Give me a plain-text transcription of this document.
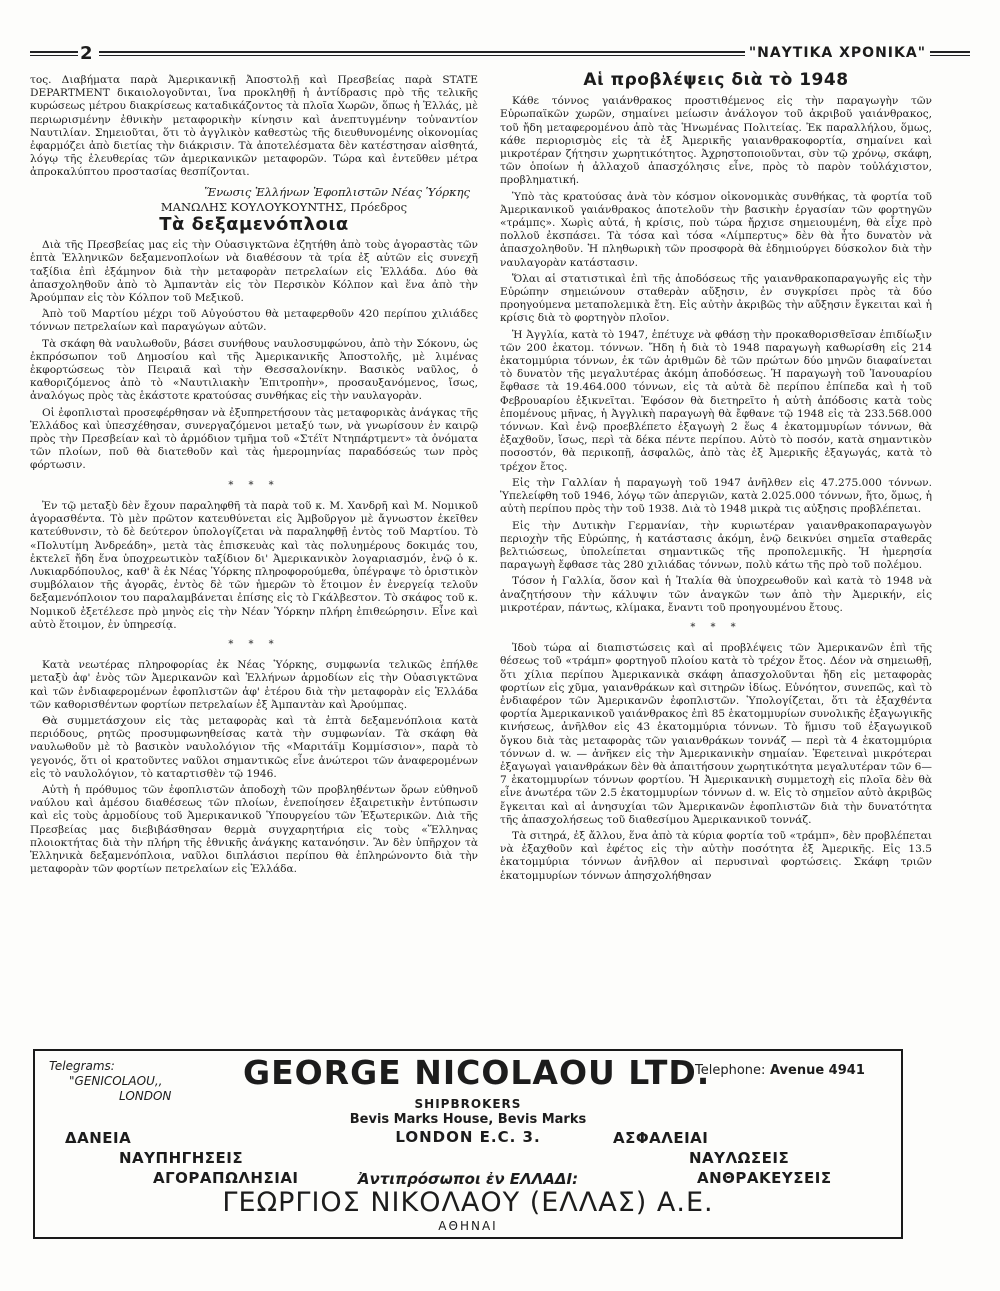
2	"ΝΑΥΤΙΚΑ ΧΡΟΝΙΚΑ"

τος. Διαβήματα παρὰ Ἀμερικανικῇ Ἀποστολῇ καὶ Πρεσβείας παρὰ STATE DEPARTMENT δικαιολογοῦνται, ἵνα προκληθῇ ἡ ἀντίδρασις πρὸ τῆς τελικῆς κυρώσεως μέτρου διακρίσεως καταδικάζοντος τὰ πλοῖα Χωρῶν, ὅπως ἡ Ἑλλάς, μὲ περιωρισμένην ἐθνικὴν μεταφορικὴν κίνησιν καὶ ἀνεπτυγμένην τοὐναντίον Ναυτιλίαν. Σημειοῦται, ὅτι τὸ ἀγγλικὸν καθεστὼς τῆς διευθυνομένης οἰκονομίας ἐφαρμόζει ἀπὸ διετίας τὴν διάκρισιν. Τὰ ἀποτελέσματα δὲν κατέστησαν αἰσθητά, λόγῳ τῆς ἐλευθερίας τῶν ἀμερικανικῶν μεταφορῶν. Τώρα καὶ ἐντεῦθεν μέτρα ἀπροκαλύπτου προστασίας θεσπίζονται.

Ἕνωσις Ἑλλήνων Ἐφοπλιστῶν Νέας Ὑόρκης
ΜΑΝΩΛΗΣ ΚΟΥΛΟΥΚΟΥΝΤΗΣ, Πρόεδρος
Τὰ δεξαμενόπλοια

Διὰ τῆς Πρεσβείας μας εἰς τὴν Οὐασιγκτῶνα ἐζητήθη ἀπὸ τοὺς ἀγοραστὰς τῶν ἑπτὰ Ἑλληνικῶν δεξαμενοπλοίων νὰ διαθέσουν τὰ τρία ἐξ αὐτῶν εἰς συνεχῆ ταξίδια ἐπὶ ἑξάμηνον διὰ τὴν μεταφορὰν πετρελαίων εἰς Ἑλλάδα. Δύο θὰ ἀπασχοληθοῦν ἀπὸ τὸ Ἀμπαντὰν εἰς τὸν Περσικὸν Κόλπον καὶ ἕνα ἀπὸ τὴν Ἀρούμπαν εἰς τὸν Κόλπον τοῦ Μεξικοῦ.

Ἀπὸ τοῦ Μαρτίου μέχρι τοῦ Αὐγούστου θὰ μεταφερθοῦν 420 περίπου χιλιάδες τόννων πετρελαίων καὶ παραγώγων αὐτῶν.

Τὰ σκάφη θὰ ναυλωθοῦν, βάσει συνήθους ναυλοσυμφώνου, ἀπὸ τὴν Σόκονυ, ὡς ἐκπρόσωπον τοῦ Δημοσίου καὶ τῆς Ἀμερικανικῆς Ἀποστολῆς, μὲ λιμένας ἐκφορτώσεως τὸν Πειραιᾶ καὶ τὴν Θεσσαλονίκην. Βασικὸς ναῦλος, ὁ καθοριζόμενος ἀπὸ τὸ «Ναυτιλιακὴν Ἐπιτροπὴν», προσαυξανόμενος, ἴσως, ἀναλόγως πρὸς τὰς ἑκάστοτε κρατούσας συνθήκας εἰς τὴν ναυλαγορὰν.

Οἱ ἐφοπλισταὶ προσεφέρθησαν νὰ ἐξυπηρετήσουν τὰς μεταφορικὰς ἀνάγκας τῆς Ἑλλάδος καὶ ὑπεσχέθησαν, συνεργαζόμενοι μεταξύ των, νὰ γνωρίσουν ἐν καιρῷ πρὸς τὴν Πρεσβείαν καὶ τὸ ἁρμόδιον τμῆμα τοῦ «Στέϊτ Ντηπάρτμεντ» τὰ ὀνόματα τῶν πλοίων, ποῦ θὰ διατεθοῦν καὶ τὰς ἡμερομηνίας παραδόσεώς των πρὸς φόρτωσιν.

* * *

Ἐν τῷ μεταξὺ δὲν ἔχουν παραληφθῆ τὰ παρὰ τοῦ κ. Μ. Χανδρῆ καὶ Μ. Νομικοῦ ἀγορασθέντα. Τὸ μὲν πρῶτον κατευθύνεται εἰς Ἀμβοῦργον μὲ ἄγνωστον ἐκεῖθεν κατεύθυνσιν, τὸ δὲ δεύτερον ὑπολογίζεται νὰ παραληφθῇ ἐντὸς τοῦ Μαρτίου. Τὸ «Πολυτίμη Ἀνδρεάδη», μετὰ τὰς ἐπισκευὰς καὶ τὰς πολυημέρους δοκιμάς του, ἐκτελεῖ ἤδη ἕνα ὑποχρεωτικὸν ταξίδιον δι' Ἀμερικανικὸν λογαριασμόν, ἐνῷ ὁ κ. Λυκιαρδόπουλος, καθ' ἃ ἐκ Νέας Ὑόρκης πληροφορούμεθα, ὑπέγραψε τὸ ὁριστικὸν συμβόλαιον τῆς ἀγορᾶς, ἐντὸς δὲ τῶν ἡμερῶν τὸ ἕτοιμον ἐν ἐνεργείᾳ τελοῦν δεξαμενόπλοιον του παραλαμβάνεται ἐπίσης εἰς τὸ Γκάλβεστον. Τὸ σκάφος τοῦ κ. Νομικοῦ ἐξετέλεσε πρὸ μηνὸς εἰς τὴν Νέαν Ὑόρκην πλήρη ἐπιθεώρησιν. Εἶνε καὶ αὐτὸ ἕτοιμον, ἐν ὑπηρεσίᾳ.

* * *

Κατὰ νεωτέρας πληροφορίας ἐκ Νέας Ὑόρκης, συμφωνία τελικῶς ἐπήλθε μεταξὺ ἀφ' ἑνὸς τῶν Ἀμερικανῶν καὶ Ἑλλήνων ἁρμοδίων εἰς τὴν Οὐασιγκτῶνα καὶ τῶν ἐνδιαφερομένων ἐφοπλιστῶν ἀφ' ἑτέρου διὰ τὴν μεταφορὰν εἰς Ἑλλάδα τῶν καθορισθέντων φορτίων πετρελαίων ἐξ Ἀμπαντὰν καὶ Ἀρούμπας.

Θὰ συμμετάσχουν εἰς τὰς μεταφορὰς καὶ τὰ ἑπτὰ δεξαμενόπλοια κατὰ περιόδους, ρητῶς προσυμφωνηθείσας κατὰ τὴν συμφωνίαν. Τὰ σκάφη θὰ ναυλωθοῦν μὲ τὸ βασικὸν ναυλολόγιον τῆς «Μαριτάϊμ Κομμίσσιον», παρὰ τὸ γεγονός, ὅτι οἱ κρατοῦντες ναῦλοι σημαντικῶς εἶνε ἀνώτεροι τῶν ἀναφερομένων εἰς τὸ ναυλολόγιον, τὸ καταρτισθὲν τῷ 1946.

Αὐτὴ ἡ πρόθυμος τῶν ἐφοπλιστῶν ἀποδοχὴ τῶν προβληθέντων ὅρων εὐθηνοῦ ναύλου καὶ ἀμέσου διαθέσεως τῶν πλοίων, ἐνεποίησεν ἐξαιρετικὴν ἐντύπωσιν καὶ εἰς τοὺς ἁρμοδίους τοῦ Ἀμερικανικοῦ Ὑπουργείου τῶν Ἐξωτερικῶν. Διὰ τῆς Πρεσβείας μας διεβιβάσθησαν θερμὰ συγχαρητήρια εἰς τοὺς «Ἕλληνας πλοιοκτήτας διὰ τὴν πλήρη τῆς ἐθνικῆς ἀνάγκης κατανόησιν. Ἂν δὲν ὑπῆρχον τὰ Ἑλληνικὰ δεξαμενόπλοια, ναῦλοι διπλάσιοι περίπου θὰ ἐπληρώνοντο διὰ τὴν μεταφορὰν τῶν φορτίων πετρελαίων εἰς Ἑλλάδα.

Αἱ προβλέψεις διὰ τὸ 1948

Κάθε τόννος γαιάνθρακος προστιθέμενος εἰς τὴν παραγωγὴν τῶν Εὐρωπαϊκῶν χωρῶν, σημαίνει μείωσιν ἀνάλογον τοῦ ἀκριβοῦ γαιάνθρακος, τοῦ ἤδη μεταφερομένου ἀπὸ τὰς Ἡνωμένας Πολιτείας. Ἐκ παραλλήλου, ὅμως, κάθε περιορισμὸς εἰς τὰ ἐξ Ἀμερικῆς γαιανθρακοφορτία, σημαίνει καὶ μικροτέραν ζήτησιν χωρητικότητος. Ἀχρηστοποιοῦνται, σὺν τῷ χρόνῳ, σκάφη, τῶν ὁποίων ἡ ἀλλαχοῦ ἀπασχόλησις εἶνε, πρὸς τὸ παρὸν τοὐλάχιστον, προβληματική.

Ὑπὸ τὰς κρατούσας ἀνὰ τὸν κόσμον οἰκονομικὰς συνθήκας, τὰ φορτία τοῦ Ἀμερικανικοῦ γαιάνθρακος ἀποτελοῦν τὴν βασικὴν ἐργασίαν τῶν φορτηγῶν «τράμπς». Χωρὶς αὐτά, ἡ κρίσις, ποὺ τώρα ἤρχισε σημειουμένη, θὰ εἶχε πρὸ πολλοῦ ἐκσπάσει. Τὰ τόσα καὶ τόσα «Λίμπερτυς» δὲν θὰ ἦτο δυνατὸν νὰ ἀπασχοληθοῦν. Ἡ πληθωρικὴ τῶν προσφορὰ θὰ ἐδημιούργει δύσκολον διὰ τὴν ναυλαγορὰν κατάστασιν.

Ὅλαι αἱ στατιστικαὶ ἐπὶ τῆς ἀποδόσεως τῆς γαιανθρακοπαραγωγῆς εἰς τὴν Εὐρώπην σημειώνουν σταθερὰν αὔξησιν, ἐν συγκρίσει πρὸς τὰ δύο προηγούμενα μεταπολεμικὰ ἔτη. Εἰς αὐτὴν ἀκριβῶς τὴν αὔξησιν ἔγκειται καὶ ἡ κρίσις διὰ τὸ φορτηγὸν πλοῖον.

Ἡ Ἀγγλία, κατὰ τὸ 1947, ἐπέτυχε νὰ φθάσῃ τὴν προκαθορισθεῖσαν ἐπιδίωξιν τῶν 200 ἑκατομ. τόννων. Ἤδη ἡ διὰ τὸ 1948 παραγωγὴ καθωρίσθη εἰς 214 ἑκατομμύρια τόννων, ἐκ τῶν ἀριθμῶν δὲ τῶν πρώτων δύο μηνῶν διαφαίνεται τὸ δυνατὸν τῆς μεγαλυτέρας ἀκόμη ἀποδόσεως. Ἡ παραγωγὴ τοῦ Ἰανουαρίου ἔφθασε τὰ 19.464.000 τόννων, εἰς τὰ αὐτὰ δὲ περίπου ἐπίπεδα καὶ ἡ τοῦ Φεβρουαρίου ἐξικνεῖται. Ἐφόσον θὰ διετηρεῖτο ἡ αὐτὴ ἀπόδοσις κατὰ τοὺς ἑπομένους μῆνας, ἡ Ἀγγλικὴ παραγωγὴ θὰ ἔφθανε τῷ 1948 εἰς τὰ 233.568.000 τόννων. Καὶ ἐνῷ προεβλέπετο ἐξαγωγὴ 2 ἕως 4 ἑκατομμυρίων τόννων, θὰ ἐξαχθοῦν, ἴσως, περὶ τὰ δέκα πέντε περίπου. Αὐτὸ τὸ ποσόν, κατὰ σημαντικὸν ποσοστόν, θὰ περικοπῇ, ἀσφαλῶς, ἀπὸ τὰς ἐξ Ἀμερικῆς ἐξαγωγάς, κατὰ τὸ τρέχον ἔτος.

Εἰς τὴν Γαλλίαν ἡ παραγωγὴ τοῦ 1947 ἀνῆλθεν εἰς 47.275.000 τόννων. Ὑπελείφθη τοῦ 1946, λόγῳ τῶν ἀπεργιῶν, κατὰ 2.025.000 τόννων, ἤτο, ὅμως, ἡ αὐτὴ περίπου πρὸς τὴν τοῦ 1938. Διὰ τὸ 1948 μικρὰ τις αὐξησις προβλέπεται.

Εἰς τὴν Δυτικὴν Γερμανίαν, τὴν κυριωτέραν γαιανθρακοπαραγωγὸν περιοχὴν τῆς Εὐρώπης, ἡ κατάστασις ἀκόμη, ἐνῷ δεικνύει σημεῖα σταθερᾶς βελτιώσεως, ὑπολείπεται σημαντικῶς τῆς προπολεμικῆς. Ἡ ἡμερησία παραγωγὴ ἔφθασε τὰς 280 χιλιάδας τόννων, πολὺ κάτω τῆς πρὸ τοῦ πολέμου.

Τόσον ἡ Γαλλία, ὅσον καὶ ἡ Ἰταλία θὰ ὑποχρεωθοῦν καὶ κατὰ τὸ 1948 νὰ ἀναζητήσουν τὴν κάλυψιν τῶν ἀναγκῶν των ἀπὸ τὴν Ἀμερικήν, εἰς μικροτέραν, πάντως, κλίμακα, ἔναντι τοῦ προηγουμένου ἔτους.

* * *

Ἰδοὺ τώρα αἱ διαπιστώσεις καὶ αἱ προβλέψεις τῶν Ἀμερικανῶν ἐπὶ τῆς θέσεως τοῦ «τράμπ» φορτηγοῦ πλοίου κατὰ τὸ τρέχον ἔτος. Δέον νὰ σημειωθῇ, ὅτι χίλια περίπου Ἀμερικανικὰ σκάφη ἀπασχολοῦνται ἤδη εἰς μεταφορὰς φορτίων εἰς χῦμα, γαιανθράκων καὶ σιτηρῶν ἰδίως. Εὐνόητον, συνεπῶς, καὶ τὸ ἐνδιαφέρον τῶν Ἀμερικανῶν ἐφοπλιστῶν. Ὑπολογίζεται, ὅτι τὰ ἐξαχθέντα φορτία Ἀμερικανικοῦ γαιάνθρακος ἐπὶ 85 ἑκατομμυρίων συνολικῆς ἐξαγωγικῆς κινήσεως, ἀνῆλθον εἰς 43 ἑκατομμύρια τόννων. Τὸ ἥμισυ τοῦ ἐξαγωγικοῦ ὄγκου διὰ τὰς μεταφορὰς τῶν γαιανθράκων τοννάζ — περὶ τὰ 4 ἑκατομμύρια τόννων d. w. — ἀνῆκεν εἰς τὴν Ἀμερικανικὴν σημαίαν. Ἐφετειναὶ μικρότεραι ἐξαγωγαὶ γαιανθράκων δὲν θὰ ἀπαιτήσουν χωρητικότητα μεγαλυτέραν τῶν 6—7 ἑκατομμυρίων τόννων φορτίου. Ἡ Ἀμερικανικὴ συμμετοχὴ εἰς πλοῖα δὲν θὰ εἶνε ἀνωτέρα τῶν 2.5 ἑκατομμυρίων τόννων d. w. Εἰς τὸ σημεῖον αὐτὸ ἀκριβῶς ἔγκειται καὶ αἱ ἀνησυχίαι τῶν Ἀμερικανῶν ἐφοπλιστῶν διὰ τὴν δυνατότητα τῆς ἀπασχολήσεως τοῦ διαθεσίμου Ἀμερικανικοῦ τοννάζ.

Τὰ σιτηρά, ἐξ ἄλλου, ἕνα ἀπὸ τὰ κύρια φορτία τοῦ «τράμπ», δὲν προβλέπεται νὰ ἐξαχθοῦν καὶ ἐφέτος εἰς τὴν αὐτὴν ποσότητα ἐξ Ἀμερικῆς. Εἰς 13.5 ἑκατομμύρια τόννων ἀνῆλθον αἱ περυσιναὶ φορτώσεις. Σκάφη τριῶν ἑκατομμυρίων τόννων ἀπησχολήθησαν

Telegrams:
"GENICOLAOU,,
LONDON
GEORGE NICOLAOU LTD.
Telephone: Avenue 4941
SHIPBROKERS
Bevis Marks House, Bevis Marks
LONDON E.C. 3.
ΔΑΝΕΙΑ	ΑΣΦΑΛΕΙΑΙ
ΝΑΥΠΗΓΗΣΕΙΣ	ΝΑΥΛΩΣΕΙΣ
ΑΓΟΡΑΠΩΛΗΣΙΑΙ	ΑΝΘΡΑΚΕΥΣΕΙΣ
Ἀντιπρόσωποι ἐν ΕΛΛΑΔΙ:
ΓΕΩΡΓΙΟΣ ΝΙΚΟΛΑΟΥ (ΕΛΛΑΣ) Α.Ε.
ΑΘΗΝΑΙ
